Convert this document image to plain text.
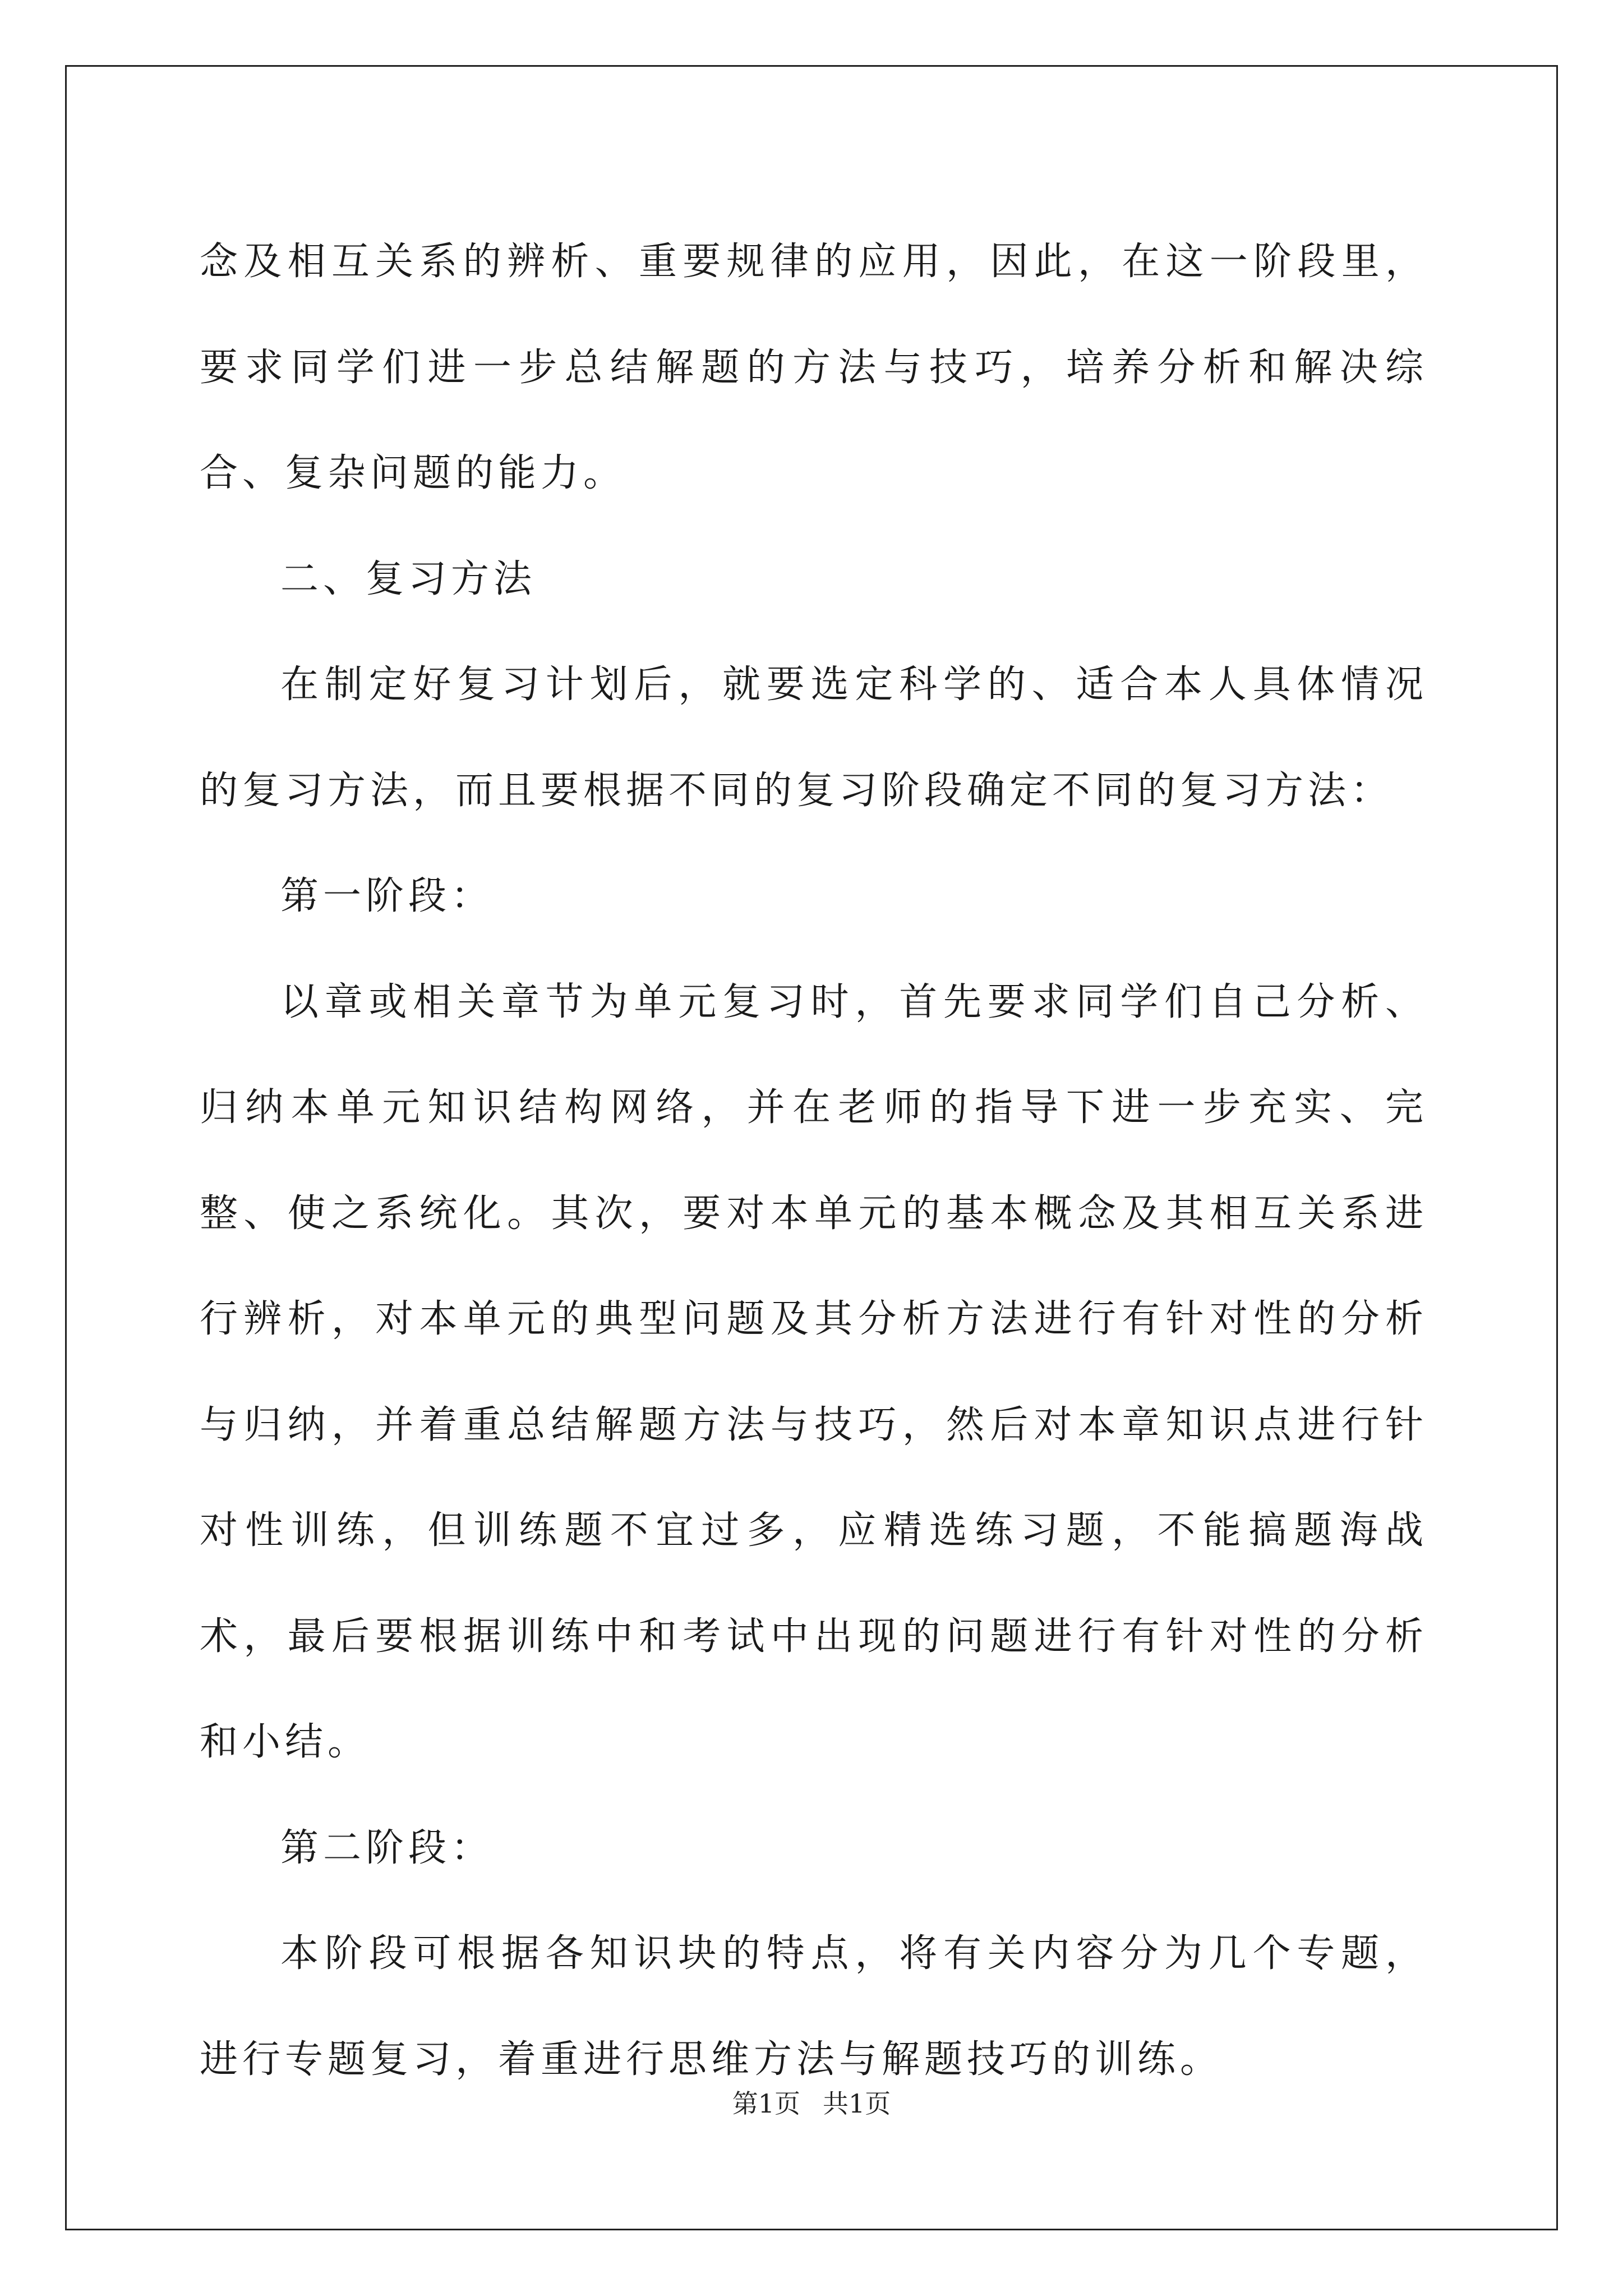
念及相互关系的辨析、重要规律的应用，因此，在这一阶段里，要求同学们进一步总结解题的方法与技巧，培养分析和解决综合、复杂问题的能力。

二、复习方法

在制定好复习计划后，就要选定科学的、适合本人具体情况的复习方法，而且要根据不同的复习阶段确定不同的复习方法：

第一阶段：

以章或相关章节为单元复习时，首先要求同学们自己分析、归纳本单元知识结构网络，并在老师的指导下进一步充实、完整、使之系统化。其次，要对本单元的基本概念及其相互关系进行辨析，对本单元的典型问题及其分析方法进行有针对性的分析与归纳，并着重总结解题方法与技巧，然后对本章知识点进行针对性训练，但训练题不宜过多，应精选练习题，不能搞题海战术，最后要根据训练中和考试中出现的问题进行有针对性的分析和小结。

第二阶段：

本阶段可根据各知识块的特点，将有关内容分为几个专题，进行专题复习，着重进行思维方法与解题技巧的训练。

第1页 共1页
